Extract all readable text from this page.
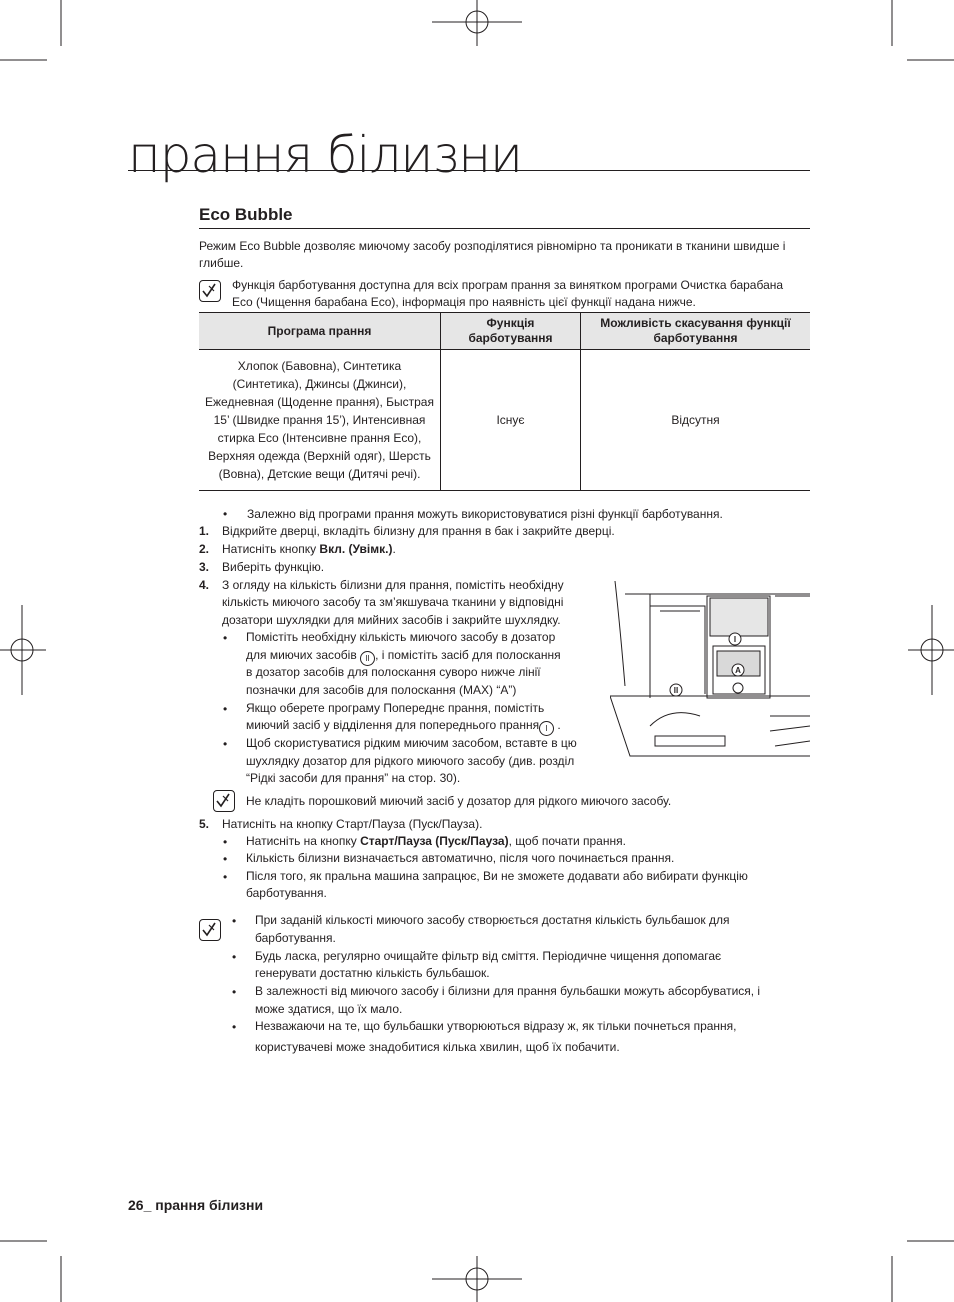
прання білизни
Eco Bubble
Режим Eco Bubble дозволяє миючому засобу розподілятися рівномірно та проникати в тканини швидше і глибше.
Функція барботування доступна для всіх програм прання за винятком програми Очистка барабана Eco (Чищення барабана Eco), інформація про наявність цієї функції надана нижче.
Програма прання	Функція барботування	Можливість скасування функції барботування
Хлопок (Бавовна), Синтетика (Синтетика), Джинсы (Джинси), Ежедневная (Щоденне прання), Быстрая 15’ (Швидке прання 15’), Интенсивная стирка Eco (Інтенсивне прання Eco), Верхняя одежда (Верхній одяг), Шерсть (Вовна), Детские вещи (Дитячі речі).	Існує	Відсутня
• Залежно від програми прання можуть використовуватися різні функції барботування.
1. Відкрийте дверці, вкладіть білизну для прання в бак і закрийте дверці.
2. Натисніть кнопку Вкл. (Увімк.).
3. Виберіть функцію.
4. З огляду на кількість білизни для прання, помістіть необхідну
кількість миючого засобу та зм’якшувача тканини у відповідні
дозатори шухлядки для мийних засобів і закрийте шухлядку.
• Помістіть необхідну кількість миючого засобу в дозатор
для миючих засобів II , і помістіть засіб для полоскання
в дозатор засобів для полоскання суворо нижче лінії
позначки для засобів для полоскання (MAX) “A”)
• Якщо оберете програму Попереднє прання, помістіть
миючий засіб у відділення для попереднього прання I .
• Щоб скористуватися рідким миючим засобом, вставте в цю
шухлядку дозатор для рідкого миючого засобу (див. розділ
“Рідкі засоби для прання” на стор. 30).
I
A
II
Не кладіть порошковий миючий засіб у дозатор для рідкого миючого засобу.
5. Натисніть на кнопку Старт/Пауза (Пуск/Пауза).
• Натисніть на кнопку Старт/Пауза (Пуск/Пауза), щоб почати прання.
• Кількість білизни визначається автоматично, після чого починається прання.
• Після того, як пральна машина запрацює, Ви не зможете додавати або вибирати функцію
барботування.
• При заданій кількості миючого засобу створюється достатня кількість бульбашок для
барботування.
• Будь ласка, регулярно очищайте фільтр від сміття. Періодичне чищення допомагає
генерувати достатню кількість бульбашок.
• В залежності від миючого засобу і білизни для прання бульбашки можуть абсорбуватися, і
може здатися, що їх мало.
• Незважаючи на те, що бульбашки утворюються відразу ж, як тільки почнеться прання,
користувачеві може знадобитися кілька хвилин, щоб їх побачити.
26_ прання білизни
